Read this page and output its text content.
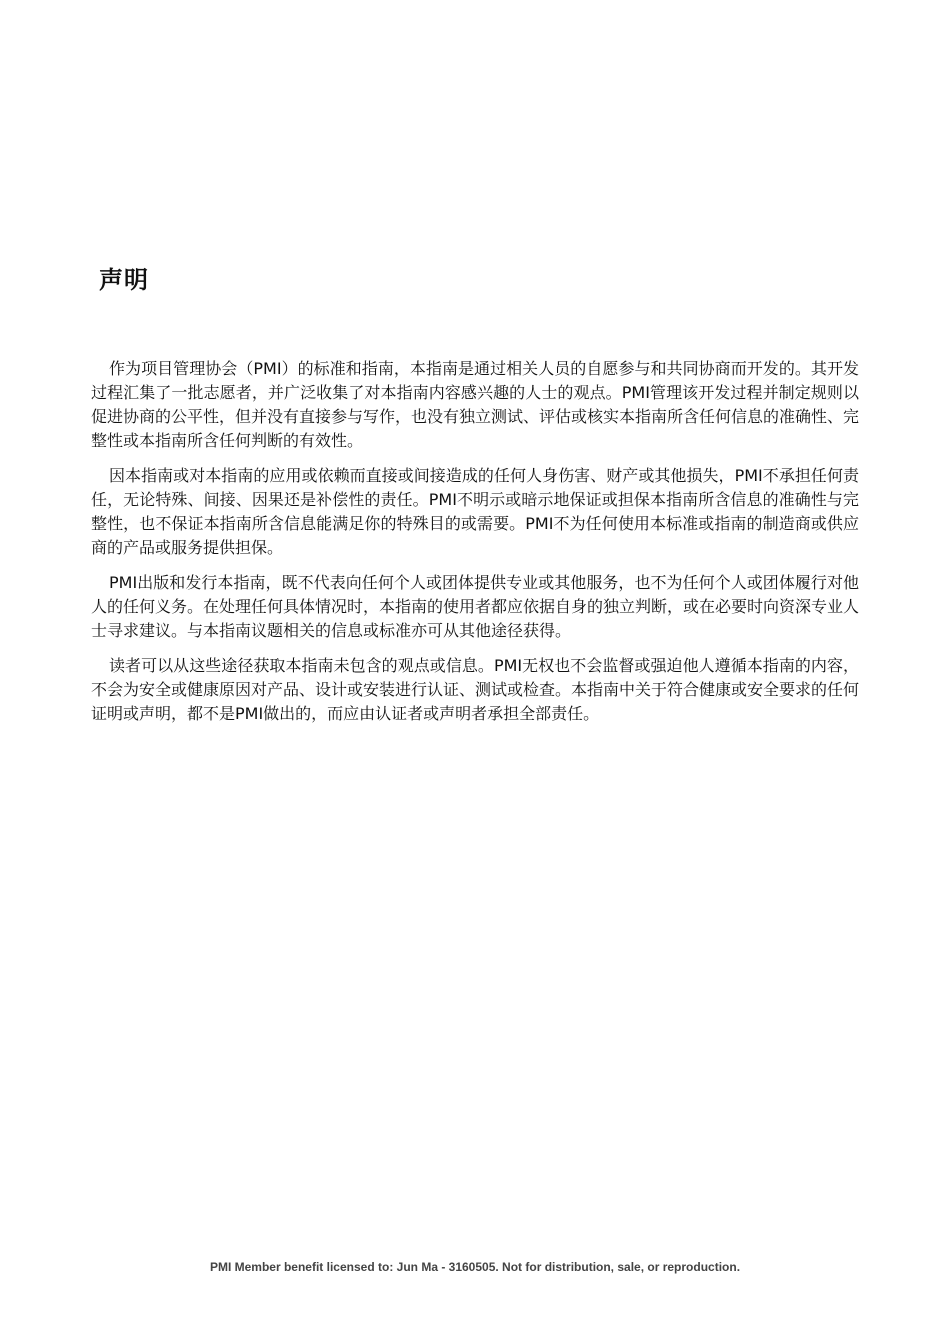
声明

作为项目管理协会（PMI）的标准和指南，本指南是通过相关人员的自愿参与和共同协商而开发的。其开发过程汇集了一批志愿者，并广泛收集了对本指南内容感兴趣的人士的观点。PMI管理该开发过程并制定规则以促进协商的公平性，但并没有直接参与写作，也没有独立测试、评估或核实本指南所含任何信息的准确性、完整性或本指南所含任何判断的有效性。

因本指南或对本指南的应用或依赖而直接或间接造成的任何人身伤害、财产或其他损失，PMI不承担任何责任，无论特殊、间接、因果还是补偿性的责任。PMI不明示或暗示地保证或担保本指南所含信息的准确性与完整性，也不保证本指南所含信息能满足你的特殊目的或需要。PMI不为任何使用本标准或指南的制造商或供应商的产品或服务提供担保。

PMI出版和发行本指南，既不代表向任何个人或团体提供专业或其他服务，也不为任何个人或团体履行对他人的任何义务。在处理任何具体情况时，本指南的使用者都应依据自身的独立判断，或在必要时向资深专业人士寻求建议。与本指南议题相关的信息或标准亦可从其他途径获得。

读者可以从这些途径获取本指南未包含的观点或信息。PMI无权也不会监督或强迫他人遵循本指南的内容，不会为安全或健康原因对产品、设计或安装进行认证、测试或检查。本指南中关于符合健康或安全要求的任何证明或声明，都不是PMI做出的，而应由认证者或声明者承担全部责任。

PMI Member benefit licensed to: Jun Ma - 3160505. Not for distribution, sale, or reproduction.
